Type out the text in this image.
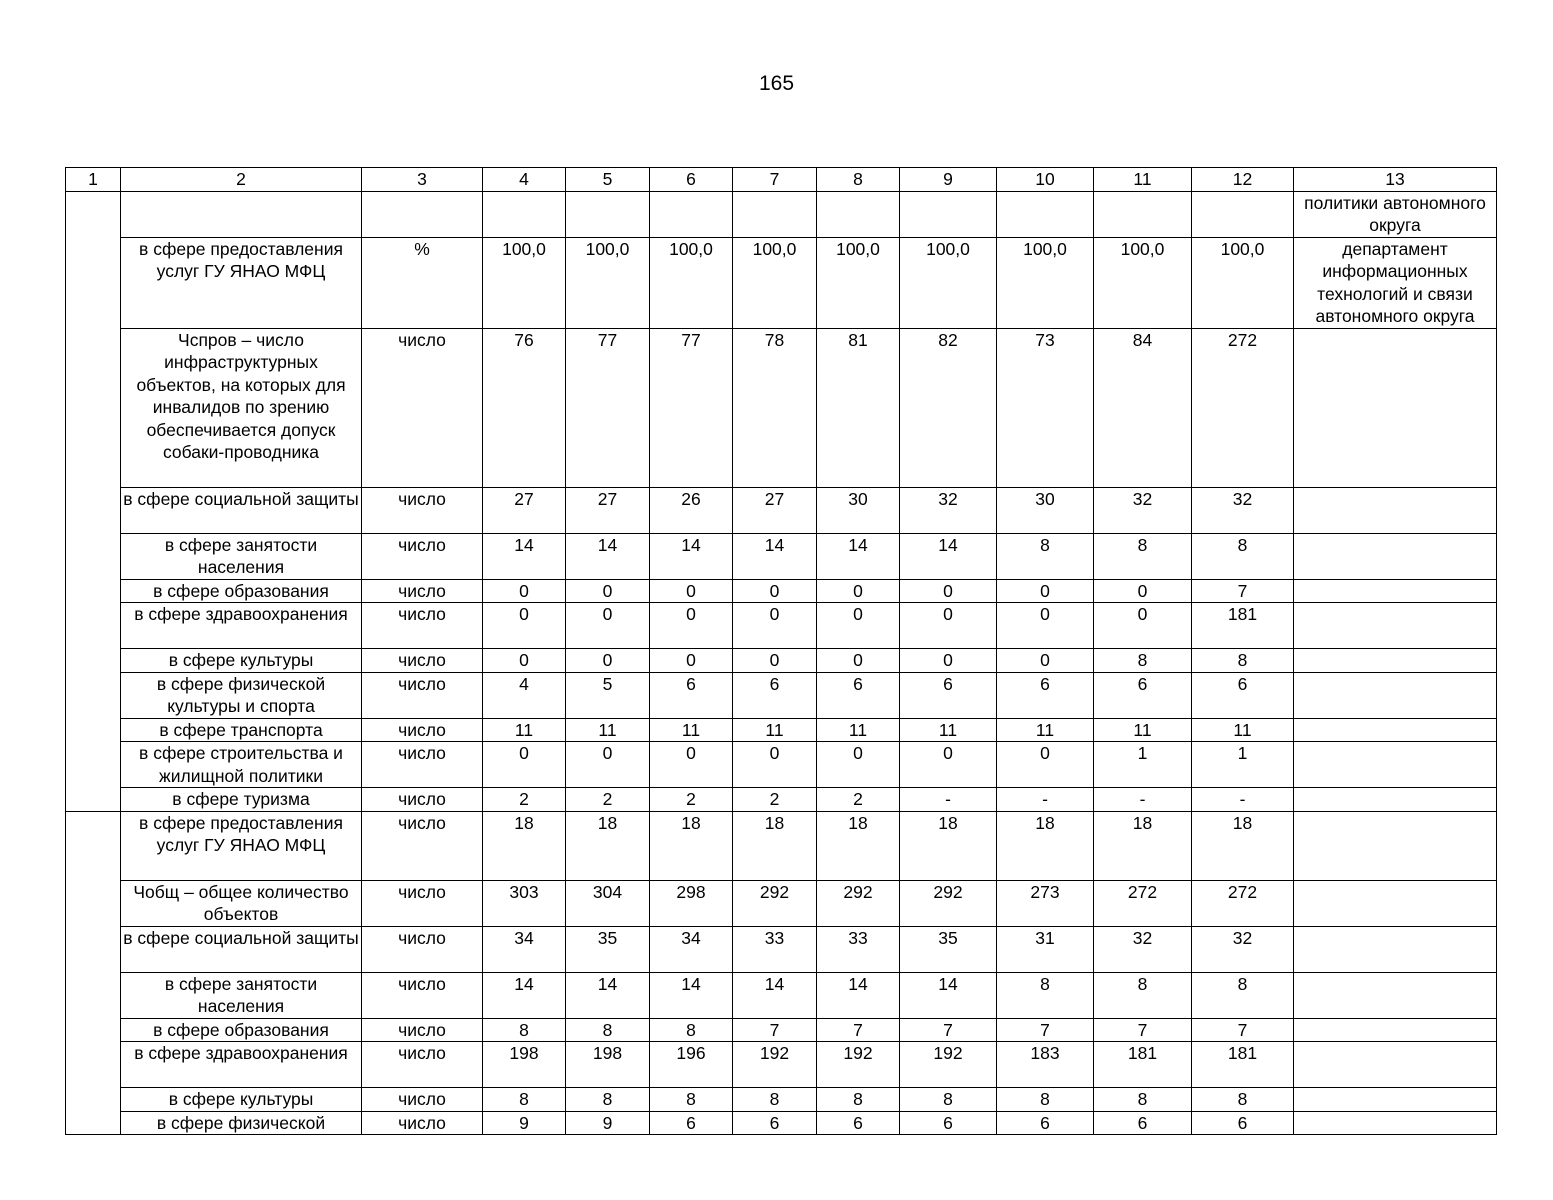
165
1	2	3	4	5	6	7	8	9	10	11	12	13
												политики автономного округа
	в сфере предоставления услуг ГУ ЯНАО МФЦ	%	100,0	100,0	100,0	100,0	100,0	100,0	100,0	100,0	100,0	департамент информационных технологий и связи автономного округа
	Чспров – число инфраструктурных объектов, на которых для инвалидов по зрению обеспечивается допуск собаки-проводника	число	76	77	77	78	81	82	73	84	272	
	в сфере социальной защиты	число	27	27	26	27	30	32	30	32	32	
	в сфере занятости населения	число	14	14	14	14	14	14	8	8	8	
	в сфере образования	число	0	0	0	0	0	0	0	0	7	
	в сфере здравоохранения	число	0	0	0	0	0	0	0	0	181	
	в сфере культуры	число	0	0	0	0	0	0	0	8	8	
	в сфере физической культуры и спорта	число	4	5	6	6	6	6	6	6	6	
	в сфере транспорта	число	11	11	11	11	11	11	11	11	11	
	в сфере строительства и жилищной политики	число	0	0	0	0	0	0	0	1	1	
	в сфере туризма	число	2	2	2	2	2	-	-	-	-	
	в сфере предоставления услуг ГУ ЯНАО МФЦ	число	18	18	18	18	18	18	18	18	18	
	Чобщ – общее количество объектов	число	303	304	298	292	292	292	273	272	272	
	в сфере социальной защиты	число	34	35	34	33	33	35	31	32	32	
	в сфере занятости населения	число	14	14	14	14	14	14	8	8	8	
	в сфере образования	число	8	8	8	7	7	7	7	7	7	
	в сфере здравоохранения	число	198	198	196	192	192	192	183	181	181	
	в сфере культуры	число	8	8	8	8	8	8	8	8	8	
	в сфере физической	число	9	9	6	6	6	6	6	6	6	
